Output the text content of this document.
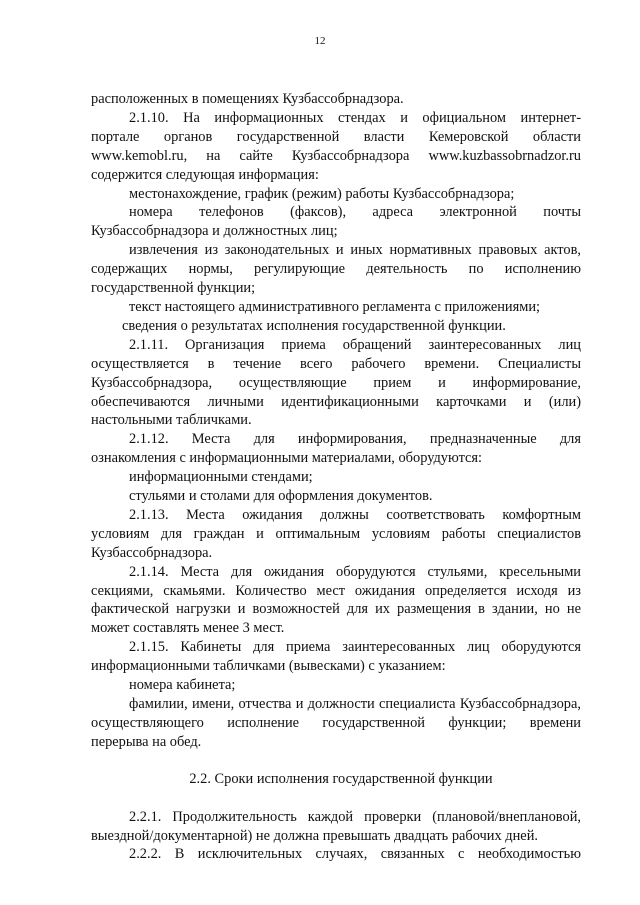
12
расположенных в помещениях Кузбассобрнадзора.
2.1.10. На информационных стендах и официальном интернет-
портале органов государственной власти Кемеровской области
www.kemobl.ru, на сайте Кузбассобрнадзора www.kuzbassobrnadzor.ru
содержится следующая информация:
местонахождение, график (режим) работы Кузбассобрнадзора;
номера телефонов (факсов), адреса электронной почты
Кузбассобрнадзора и должностных лиц;
извлечения из законодательных и иных нормативных правовых актов,
содержащих нормы, регулирующие деятельность по исполнению
государственной функции;
текст настоящего административного регламента с приложениями;
сведения о результатах исполнения государственной функции.
2.1.11. Организация приема обращений заинтересованных лиц
осуществляется в течение всего рабочего времени. Специалисты
Кузбассобрнадзора, осуществляющие прием и информирование,
обеспечиваются личными идентификационными карточками и (или)
настольными табличками.
2.1.12. Места для информирования, предназначенные для
ознакомления с информационными материалами, оборудуются:
информационными стендами;
стульями и столами для оформления документов.
2.1.13. Места ожидания должны соответствовать комфортным
условиям для граждан и оптимальным условиям работы специалистов
Кузбассобрнадзора.
2.1.14. Места для ожидания оборудуются стульями, кресельными
секциями, скамьями. Количество мест ожидания определяется исходя из
фактической нагрузки и возможностей для их размещения в здании, но не
может составлять менее 3 мест.
2.1.15. Кабинеты для приема заинтересованных лиц оборудуются
информационными табличками (вывесками) с указанием:
номера кабинета;
фамилии, имени, отчества и должности специалиста Кузбассобрнадзора,
осуществляющего исполнение государственной функции; времени
перерыва на обед.
2.2. Сроки исполнения государственной функции
2.2.1. Продолжительность каждой проверки (плановой/внеплановой,
выездной/документарной) не должна превышать двадцать рабочих дней.
2.2.2. В исключительных случаях, связанных с необходимостью
